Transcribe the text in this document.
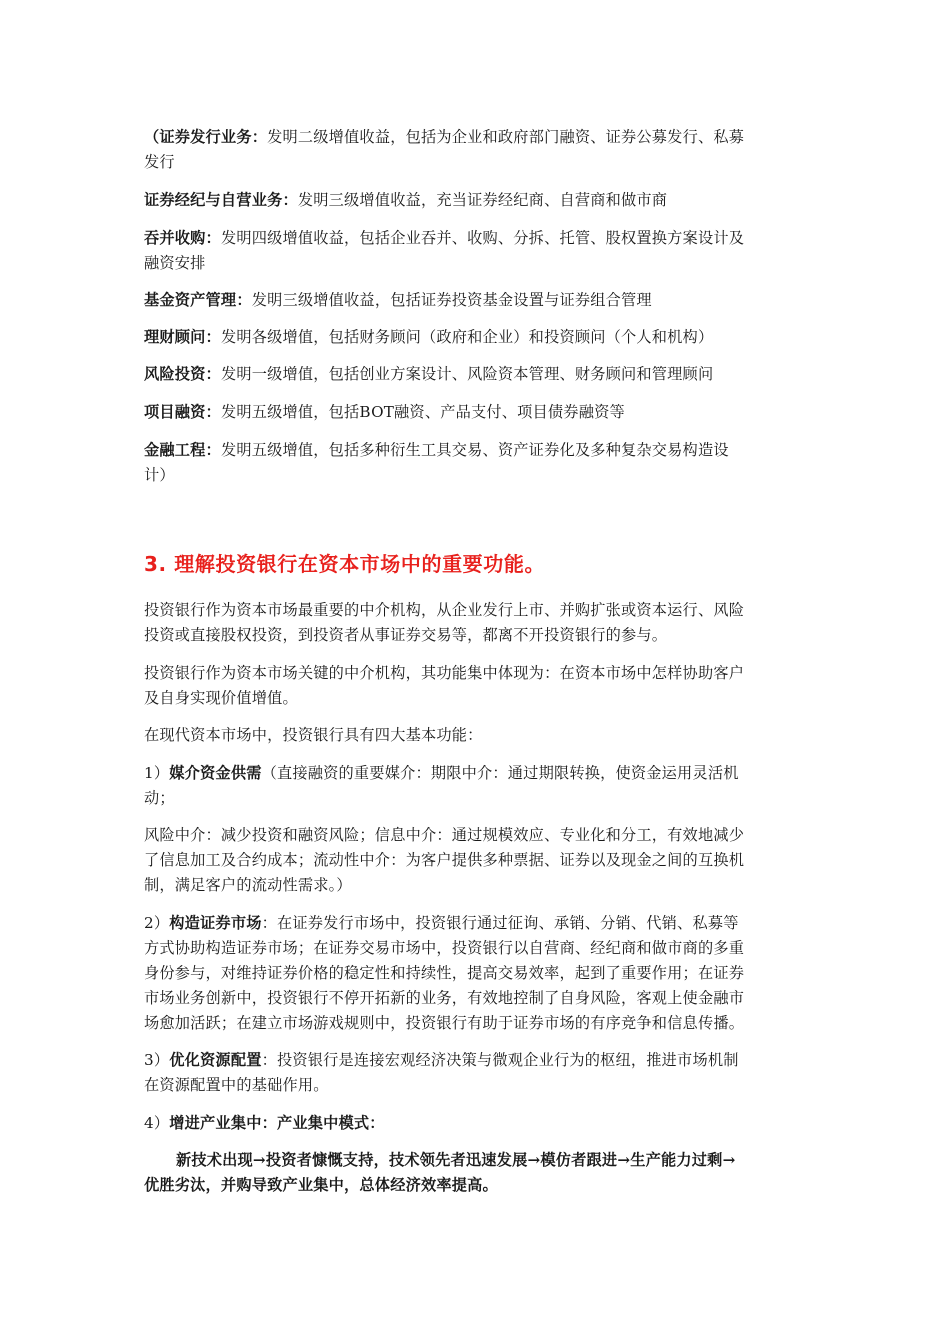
（证券发行业务：发明二级增值收益，包括为企业和政府部门融资、证券公募发行、私募
发行
证券经纪与自营业务：发明三级增值收益，充当证券经纪商、自营商和做市商
吞并收购：发明四级增值收益，包括企业吞并、收购、分拆、托管、股权置换方案设计及
融资安排
基金资产管理：发明三级增值收益，包括证券投资基金设置与证券组合管理
理财顾问：发明各级增值，包括财务顾问（政府和企业）和投资顾问（个人和机构）
风险投资：发明一级增值，包括创业方案设计、风险资本管理、财务顾问和管理顾问
项目融资：发明五级增值，包括BOT融资、产品支付、项目债券融资等
金融工程：发明五级增值，包括多种衍生工具交易、资产证券化及多种复杂交易构造设
计）
3. 理解投资银行在资本市场中的重要功能。
投资银行作为资本市场最重要的中介机构，从企业发行上市、并购扩张或资本运行、风险
投资或直接股权投资，到投资者从事证券交易等，都离不开投资银行的参与。
投资银行作为资本市场关键的中介机构，其功能集中体现为：在资本市场中怎样协助客户
及自身实现价值增值。
在现代资本市场中，投资银行具有四大基本功能：
1）媒介资金供需（直接融资的重要媒介：期限中介：通过期限转换，使资金运用灵活机
动；
风险中介：减少投资和融资风险；信息中介：通过规模效应、专业化和分工，有效地减少
了信息加工及合约成本；流动性中介：为客户提供多种票据、证券以及现金之间的互换机
制，满足客户的流动性需求。）
2）构造证券市场：在证券发行市场中，投资银行通过征询、承销、分销、代销、私募等
方式协助构造证券市场；在证券交易市场中，投资银行以自营商、经纪商和做市商的多重
身份参与，对维持证券价格的稳定性和持续性，提高交易效率，起到了重要作用；在证券
市场业务创新中，投资银行不停开拓新的业务，有效地控制了自身风险，客观上使金融市
场愈加活跃；在建立市场游戏规则中，投资银行有助于证券市场的有序竞争和信息传播。
3）优化资源配置：投资银行是连接宏观经济决策与微观企业行为的枢纽，推进市场机制
在资源配置中的基础作用。
4）增进产业集中：产业集中模式：
新技术出现→投资者慷慨支持，技术领先者迅速发展→模仿者跟进→生产能力过剩→
优胜劣汰，并购导致产业集中，总体经济效率提高。
